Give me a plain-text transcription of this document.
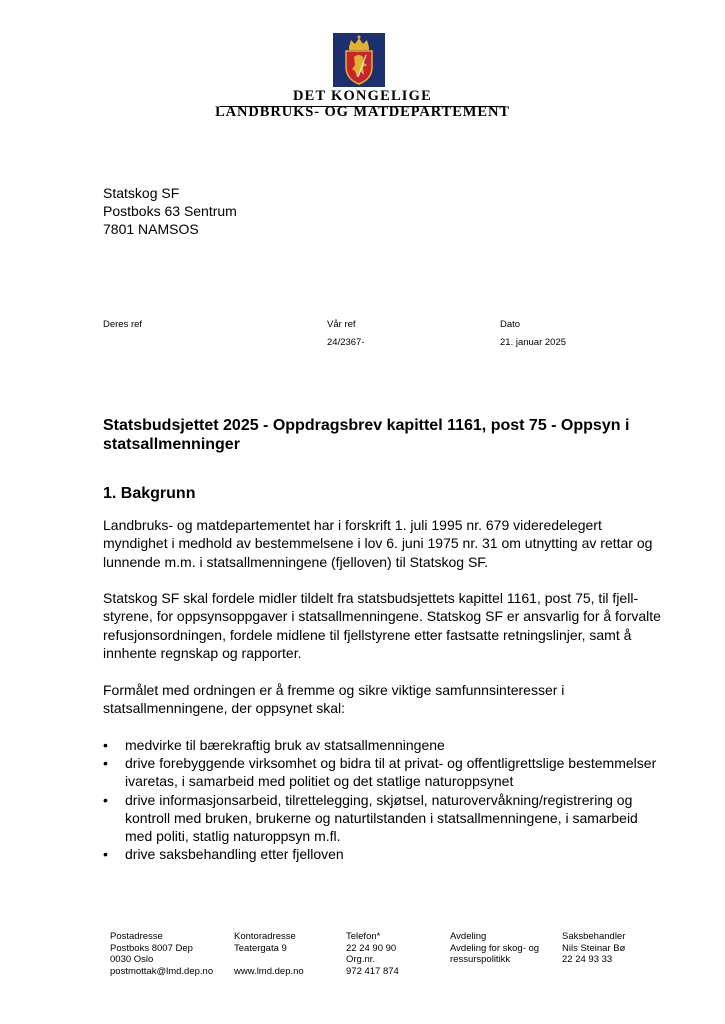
DET KONGELIGE
LANDBRUKS- OG MATDEPARTEMENT
Statskog SF
Postboks 63 Sentrum
7801 NAMSOS
Deres ref	Vår ref
24/2367-
Dato
21. januar 2025
Statsbudsjettet 2025 - Oppdragsbrev kapittel 1161, post 75 - Oppsyn i statsallmenninger
1. Bakgrunn
Landbruks- og matdepartementet har i forskrift 1. juli 1995 nr. 679 videredelegert myndighet i medhold av bestemmelsene i lov 6. juni 1975 nr. 31 om utnytting av rettar og lunnende m.m. i statsallmenningene (fjelloven) til Statskog SF.
Statskog SF skal fordele midler tildelt fra statsbudsjettets kapittel 1161, post 75, til fjell-styrene, for oppsynsoppgaver i statsallmenningene. Statskog SF er ansvarlig for å forvalte refusjonsordningen, fordele midlene til fjellstyrene etter fastsatte retningslinjer, samt å innhente regnskap og rapporter.
Formålet med ordningen er å fremme og sikre viktige samfunnsinteresser i statsallmenningene, der oppsynet skal:
• medvirke til bærekraftig bruk av statsallmenningene
• drive forebyggende virksomhet og bidra til at privat- og offentligrettslige bestemmelser ivaretas, i samarbeid med politiet og det statlige naturoppsynet
• drive informasjonsarbeid, tilrettelegging, skjøtsel, naturovervåkning/registrering og kontroll med bruken, brukerne og naturtilstanden i statsallmenningene, i samarbeid med politi, statlig naturoppsyn m.fl.
• drive saksbehandling etter fjelloven
Postadresse
Postboks 8007 Dep
0030 Oslo
postmottak@lmd.dep.no
Kontoradresse
Teatergata 9
www.lmd.dep.no
Telefon*
22 24 90 90
Org.nr.
972 417 874
Avdeling
Avdeling for skog- og
ressurspolitikk
Saksbehandler
Nils Steinar Bø
22 24 93 33
